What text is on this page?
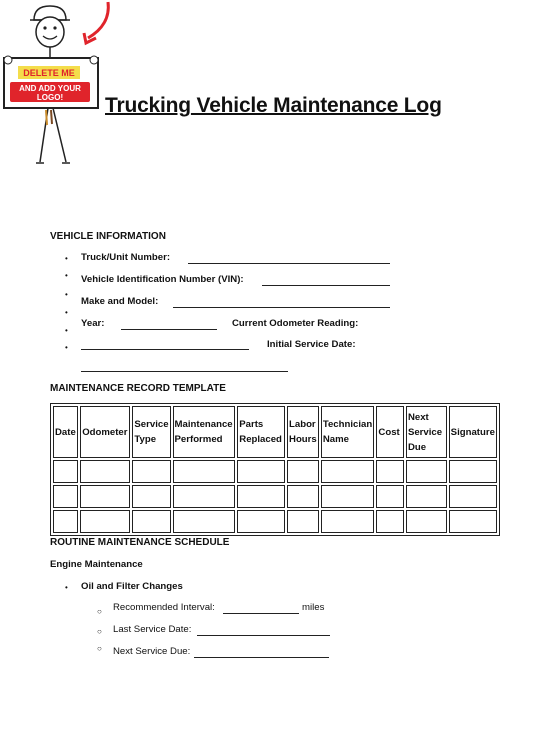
DELETE ME
AND ADD YOUR
LOGO! Trucking Vehicle Maintenance Log
VEHICLE INFORMATION
• Truck/Unit Number:
• Vehicle Identification Number (VIN):
•
Make and Model:
•
Year:	Current Odometer Reading:
•
•	Initial Service Date:
MAINTENANCE RECORD TEMPLATE
Date	Odometer	Service Type	Maintenance Performed	Parts Replaced	Labor Hours	Technician Name	Cost	Next Service Due	Signature

ROUTINE MAINTENANCE SCHEDULE
Engine Maintenance
• Oil and Filter Changes
○ Recommended Interval:	miles
○ Last Service Date:
○ Next Service Due:
